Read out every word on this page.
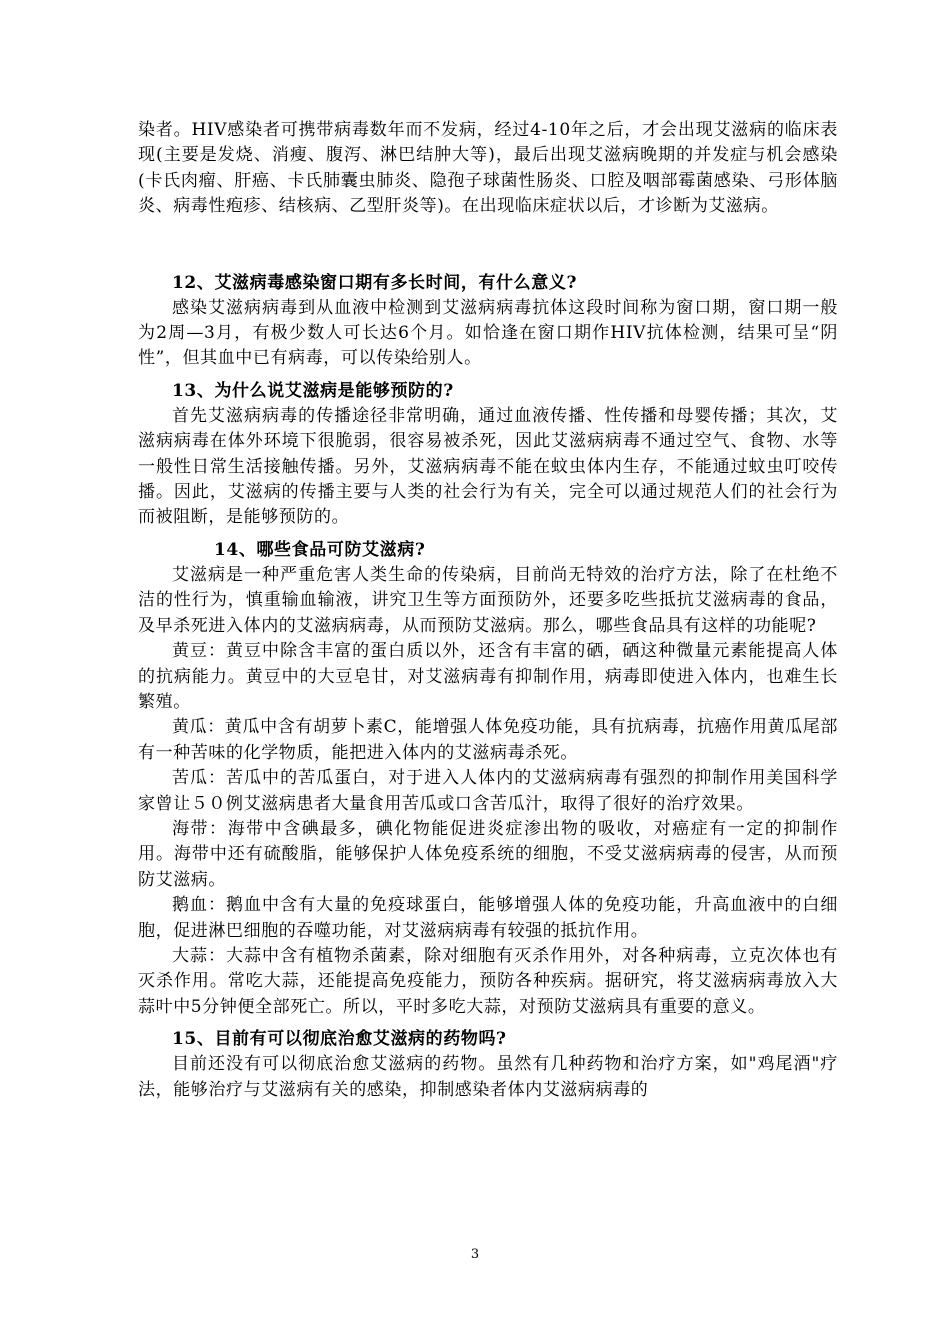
染者。HIV感染者可携带病毒数年而不发病，经过4-10年之后，才会出现艾滋病的临床表现(主要是发烧、消瘦、腹泻、淋巴结肿大等)，最后出现艾滋病晚期的并发症与机会感染(卡氏肉瘤、肝癌、卡氏肺囊虫肺炎、隐孢子球菌性肠炎、口腔及咽部霉菌感染、弓形体脑炎、病毒性疱疹、结核病、乙型肝炎等)。在出现临床症状以后，才诊断为艾滋病。

12、艾滋病毒感染窗口期有多长时间，有什么意义?

感染艾滋病病毒到从血液中检测到艾滋病病毒抗体这段时间称为窗口期，窗口期一般为2周—3月，有极少数人可长达6个月。如恰逢在窗口期作HIV抗体检测，结果可呈“阴性”，但其血中已有病毒，可以传染给别人。

13、为什么说艾滋病是能够预防的?

首先艾滋病病毒的传播途径非常明确，通过血液传播、性传播和母婴传播；其次，艾滋病病毒在体外环境下很脆弱，很容易被杀死，因此艾滋病病毒不通过空气、食物、水等一般性日常生活接触传播。另外，艾滋病病毒不能在蚊虫体内生存，不能通过蚊虫叮咬传播。因此，艾滋病的传播主要与人类的社会行为有关，完全可以通过规范人们的社会行为而被阻断，是能够预防的。

14、哪些食品可防艾滋病?

艾滋病是一种严重危害人类生命的传染病，目前尚无特效的治疗方法，除了在杜绝不洁的性行为，慎重输血输液，讲究卫生等方面预防外，还要多吃些抵抗艾滋病毒的食品，及早杀死进入体内的艾滋病病毒，从而预防艾滋病。那么，哪些食品具有这样的功能呢?

黄豆：黄豆中除含丰富的蛋白质以外，还含有丰富的硒，硒这种微量元素能提高人体的抗病能力。黄豆中的大豆皂甘，对艾滋病毒有抑制作用，病毒即使进入体内，也难生长繁殖。

黄瓜：黄瓜中含有胡萝卜素C，能增强人体免疫功能，具有抗病毒，抗癌作用黄瓜尾部有一种苦味的化学物质，能把进入体内的艾滋病毒杀死。

苦瓜：苦瓜中的苦瓜蛋白，对于进入人体内的艾滋病病毒有强烈的抑制作用美国科学家曾让５０例艾滋病患者大量食用苦瓜或口含苦瓜汁，取得了很好的治疗效果。

海带：海带中含碘最多，碘化物能促进炎症渗出物的吸收，对癌症有一定的抑制作用。海带中还有硫酸脂，能够保护人体免疫系统的细胞，不受艾滋病病毒的侵害，从而预防艾滋病。

鹅血：鹅血中含有大量的免疫球蛋白，能够增强人体的免疫功能，升高血液中的白细胞，促进淋巴细胞的吞噬功能，对艾滋病病毒有较强的抵抗作用。

大蒜：大蒜中含有植物杀菌素，除对细胞有灭杀作用外，对各种病毒，立克次体也有灭杀作用。常吃大蒜，还能提高免疫能力，预防各种疾病。据研究，将艾滋病病毒放入大蒜叶中5分钟便全部死亡。所以，平时多吃大蒜，对预防艾滋病具有重要的意义。

15、目前有可以彻底治愈艾滋病的药物吗?

目前还没有可以彻底治愈艾滋病的药物。虽然有几种药物和治疗方案，如"鸡尾酒"疗法，能够治疗与艾滋病有关的感染，抑制感染者体内艾滋病病毒的

3
